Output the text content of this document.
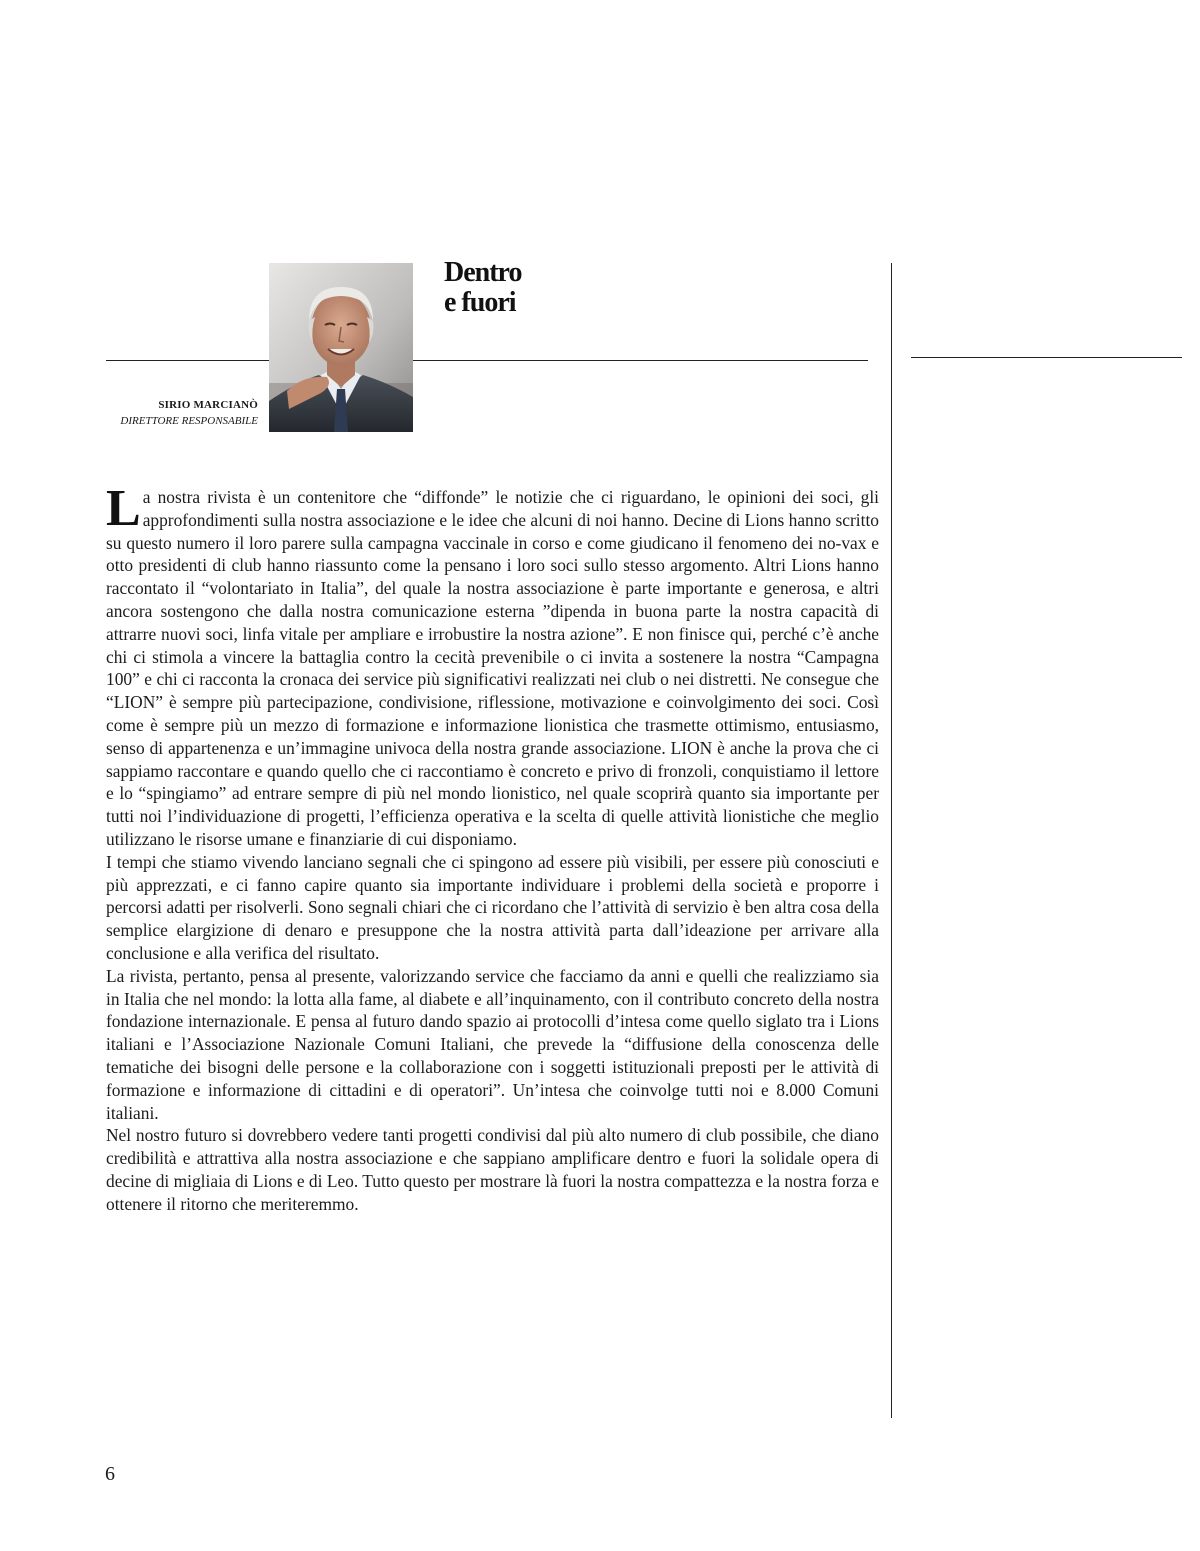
Dentro
e fuori
SIRIO MARCIANÒ
DIRETTORE RESPONSABILE

La nostra rivista è un contenitore che “diffonde” le notizie che ci riguardano, le opinioni dei soci, gli approfondimenti sulla nostra associazione e le idee che alcuni di noi hanno. Decine di Lions hanno scritto su questo numero il loro parere sulla campagna vaccinale in corso e come giudicano il fenomeno dei no-vax e otto presidenti di club hanno riassunto come la pensano i loro soci sullo stesso argomento. Altri Lions hanno raccontato il “volontariato in Italia”, del quale la nostra associazione è parte importante e generosa, e altri ancora sostengono che dalla nostra comunicazione esterna ”dipenda in buona parte la nostra capacità di attrarre nuovi soci, linfa vitale per ampliare e irrobustire la nostra azione”. E non finisce qui, perché c’è anche chi ci stimola a vincere la battaglia contro la cecità prevenibile o ci invita a sostenere la nostra “Campagna 100” e chi ci racconta la cronaca dei service più significativi realizzati nei club o nei distretti. Ne consegue che “LION” è sempre più partecipazione, condivisione, riflessione, motivazione e coinvolgimento dei soci. Così come è sempre più un mezzo di formazione e informazione lionistica che trasmette ottimismo, entusiasmo, senso di appartenenza e un’immagine univoca della nostra grande associazione. LION è anche la prova che ci sappiamo raccontare e quando quello che ci raccontiamo è concreto e privo di fronzoli, conquistiamo il lettore e lo “spingiamo” ad entrare sempre di più nel mondo lionistico, nel quale scoprirà quanto sia importante per tutti noi l’individuazione di progetti, l’efficienza operativa e la scelta di quelle attività lionistiche che meglio utilizzano le risorse umane e finanziarie di cui disponiamo.

I tempi che stiamo vivendo lanciano segnali che ci spingono ad essere più visibili, per essere più conosciuti e più apprezzati, e ci fanno capire quanto sia importante individuare i problemi della società e proporre i percorsi adatti per risolverli. Sono segnali chiari che ci ricordano che l’attività di servizio è ben altra cosa della semplice elargizione di denaro e presuppone che la nostra attività parta dall’ideazione per arrivare alla conclusione e alla verifica del risultato.

La rivista, pertanto, pensa al presente, valorizzando service che facciamo da anni e quelli che realizziamo sia in Italia che nel mondo: la lotta alla fame, al diabete e all’inquinamento, con il contributo concreto della nostra fondazione internazionale. E pensa al futuro dando spazio ai protocolli d’intesa come quello siglato tra i Lions italiani e l’Associazione Nazionale Comuni Italiani, che prevede la “diffusione della conoscenza delle tematiche dei bisogni delle persone e la collaborazione con i soggetti istituzionali preposti per le attività di formazione e informazione di cittadini e di operatori”. Un’intesa che coinvolge tutti noi e 8.000 Comuni italiani.

Nel nostro futuro si dovrebbero vedere tanti progetti condivisi dal più alto numero di club possibile, che diano credibilità e attrattiva alla nostra associazione e che sappiano amplificare dentro e fuori la solidale opera di decine di migliaia di Lions e di Leo. Tutto questo per mostrare là fuori la nostra compattezza e la nostra forza e ottenere il ritorno che meriteremmo.

6
